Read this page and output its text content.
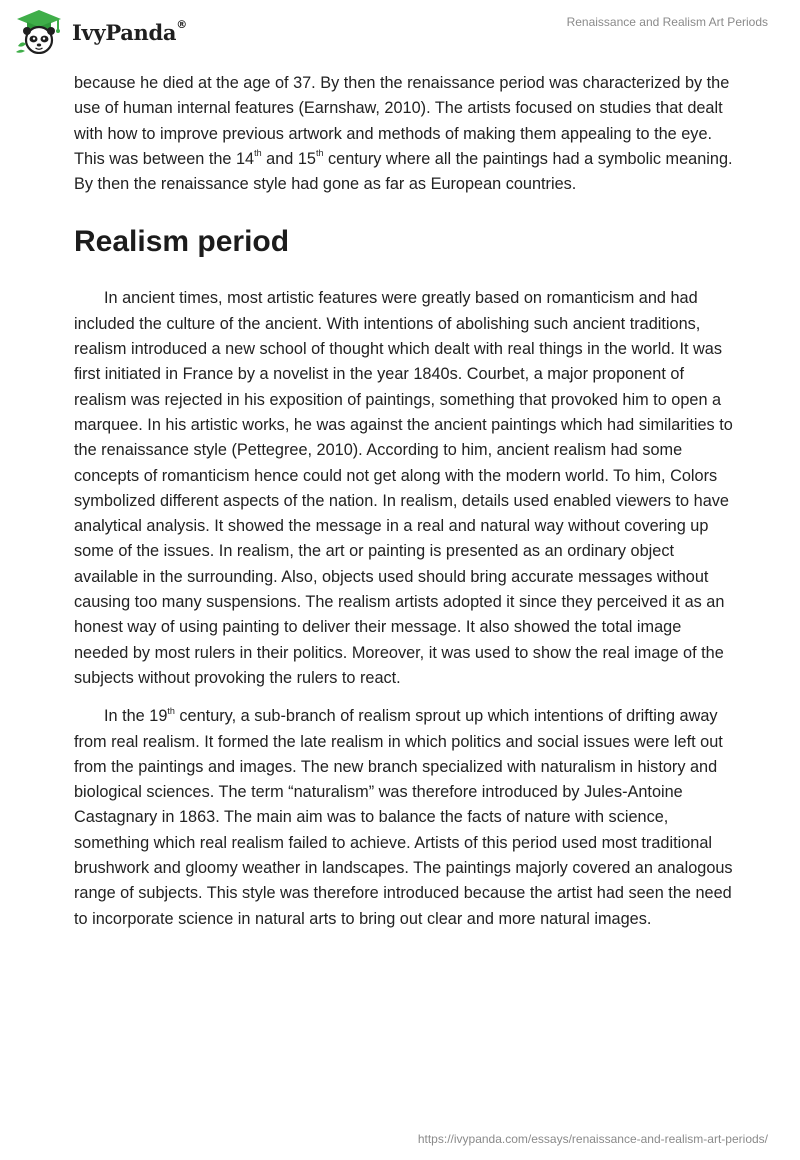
IvyPanda®	Renaissance and Realism Art Periods

because he died at the age of 37. By then the renaissance period was characterized by the use of human internal features (Earnshaw, 2010). The artists focused on studies that dealt with how to improve previous artwork and methods of making them appealing to the eye. This was between the 14th and 15th century where all the paintings had a symbolic meaning. By then the renaissance style had gone as far as European countries.

Realism period

In ancient times, most artistic features were greatly based on romanticism and had included the culture of the ancient. With intentions of abolishing such ancient traditions, realism introduced a new school of thought which dealt with real things in the world. It was first initiated in France by a novelist in the year 1840s. Courbet, a major proponent of realism was rejected in his exposition of paintings, something that provoked him to open a marquee. In his artistic works, he was against the ancient paintings which had similarities to the renaissance style (Pettegree, 2010). According to him, ancient realism had some concepts of romanticism hence could not get along with the modern world. To him, Colors symbolized different aspects of the nation. In realism, details used enabled viewers to have analytical analysis. It showed the message in a real and natural way without covering up some of the issues. In realism, the art or painting is presented as an ordinary object available in the surrounding. Also, objects used should bring accurate messages without causing too many suspensions. The realism artists adopted it since they perceived it as an honest way of using painting to deliver their message. It also showed the total image needed by most rulers in their politics. Moreover, it was used to show the real image of the subjects without provoking the rulers to react.

In the 19th century, a sub-branch of realism sprout up which intentions of drifting away from real realism. It formed the late realism in which politics and social issues were left out from the paintings and images. The new branch specialized with naturalism in history and biological sciences. The term “naturalism” was therefore introduced by Jules-Antoine Castagnary in 1863. The main aim was to balance the facts of nature with science, something which real realism failed to achieve. Artists of this period used most traditional brushwork and gloomy weather in landscapes. The paintings majorly covered an analogous range of subjects. This style was therefore introduced because the artist had seen the need to incorporate science in natural arts to bring out clear and more natural images.

https://ivypanda.com/essays/renaissance-and-realism-art-periods/
